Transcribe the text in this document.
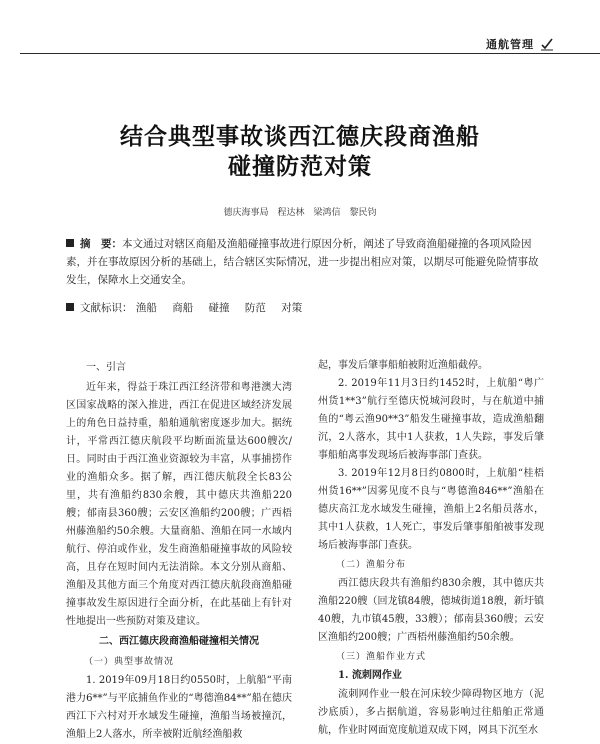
通航管理
结合典型事故谈西江德庆段商渔船
碰撞防范对策
德庆海事局　程达林　梁鸿信　黎民钧
摘　要：本文通过对辖区商船及渔船碰撞事故进行原因分析，阐述了导致商渔船碰撞的各项风险因素，并在事故原因分析的基础上，结合辖区实际情况，进一步提出相应对策，以期尽可能避免险情事故发生，保障水上交通安全。
文献标识： 渔船 商船 碰撞 防范 对策
一、引言

近年来，得益于珠江西江经济带和粤港澳大湾区国家战略的深入推进，西江在促进区域经济发展上的角色日益持重，船舶通航密度逐步加大。据统计，平常西江德庆航段平均断面流量达600艘次/日。同时由于西江渔业资源较为丰富，从事捕捞作业的渔船众多。据了解，西江德庆航段全长83公里，共有渔船约830余艘，其中德庆共渔船220艘；郁南县360艘；云安区渔船约200艘；广西梧州藤渔船约50余艘。大量商船、渔船在同一水域内航行、停泊或作业，发生商渔船碰撞事故的风险较高，且存在短时间内无法消除。本文分别从商船、渔船及其他方面三个角度对西江德庆航段商渔船碰撞事故发生原因进行全面分析，在此基础上有针对性地提出一些预防对策及建议。

二、西江德庆段商渔船碰撞相关情况
（一）典型事故情况

1. 2019年09月18日约0550时，上航船“平南港力6**”与平底捕鱼作业的“粤德渔84**”船在德庆西江下六村对开水域发生碰撞，渔船当场被撞沉，渔船上2人落水，所幸被附近航经渔船救

起，事发后肇事船舶被附近渔船截停。

2. 2019年11月3日约1452时，上航船“粤广州货1**3”航行至德庆悦城河段时，与在航道中捕鱼的“粤云渔90**3”船发生碰撞事故，造成渔船翻沉，2人落水，其中1人获救，1人失踪，事发后肇事船舶离事发现场后被海事部门查获。

3. 2019年12月8日约0800时，上航船“桂梧州货16**”因雾见度不良与“粤德渔846**”渔船在德庆高江龙水域发生碰撞，渔船上2名船员落水，其中1人获救，1人死亡，事发后肇事船舶被事发现场后被海事部门查获。

（二）渔船分布

西江德庆段共有渔船约830余艘，其中德庆共渔船220艘（回龙镇84艘，德城街道18艘，新圩镇40艘，九市镇45艘，33艘）；郁南县360艘；云安区渔船约200艘；广西梧州藤渔船约50余艘。

（三）渔船作业方式
1. 流刺网作业

流刺网作业一般在河床较少障碍物区地方（泥沙底质），多占据航道，容易影响过往船舶正常通航，作业时网面宽度航道双成下网，网具下沉至水
